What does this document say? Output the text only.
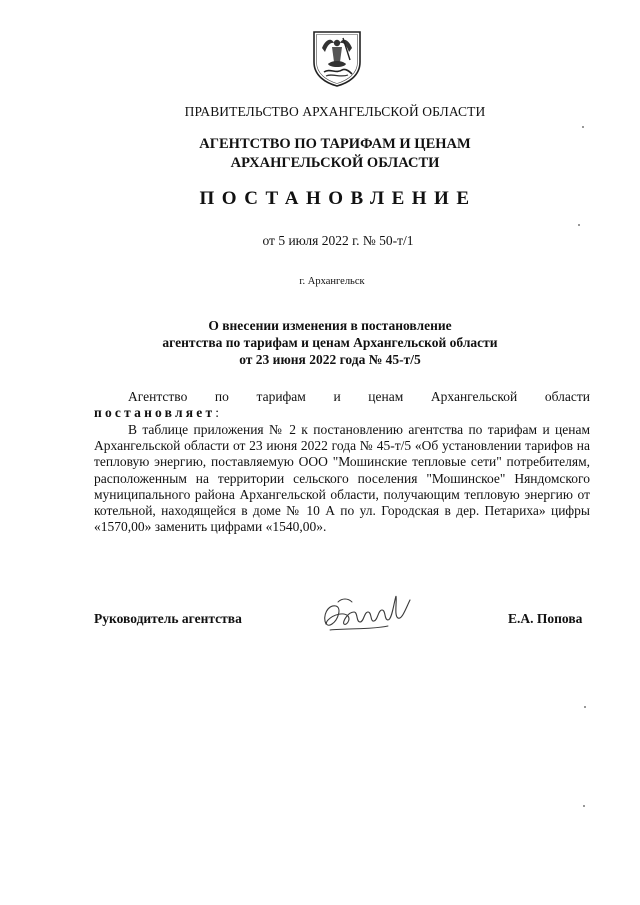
ПРАВИТЕЛЬСТВО АРХАНГЕЛЬСКОЙ ОБЛАСТИ

АГЕНТСТВО ПО ТАРИФАМ И ЦЕНАМ
АРХАНГЕЛЬСКОЙ ОБЛАСТИ

ПОСТАНОВЛЕНИЕ

от 5 июля 2022 г. № 50-т/1

г. Архангельск

О внесении изменения в постановление
агентства по тарифам и ценам Архангельской области
от 23 июня 2022 года № 45-т/5

Агентство по тарифам и ценам Архангельской области
постановляет:

В таблице приложения № 2 к постановлению агентства по тарифам и ценам Архангельской области от 23 июня 2022 года № 45-т/5 «Об установлении тарифов на тепловую энергию, поставляемую ООО "Мошинские тепловые сети" потребителям, расположенным на территории сельского поселения "Мошинское" Няндомского муниципального района Архангельской области, получающим тепловую энергию от котельной, находящейся в доме № 10 А по ул. Городская в дер. Петариха» цифры «1570,00» заменить цифрами «1540,00».

Руководитель агентства	Е.А. Попова
